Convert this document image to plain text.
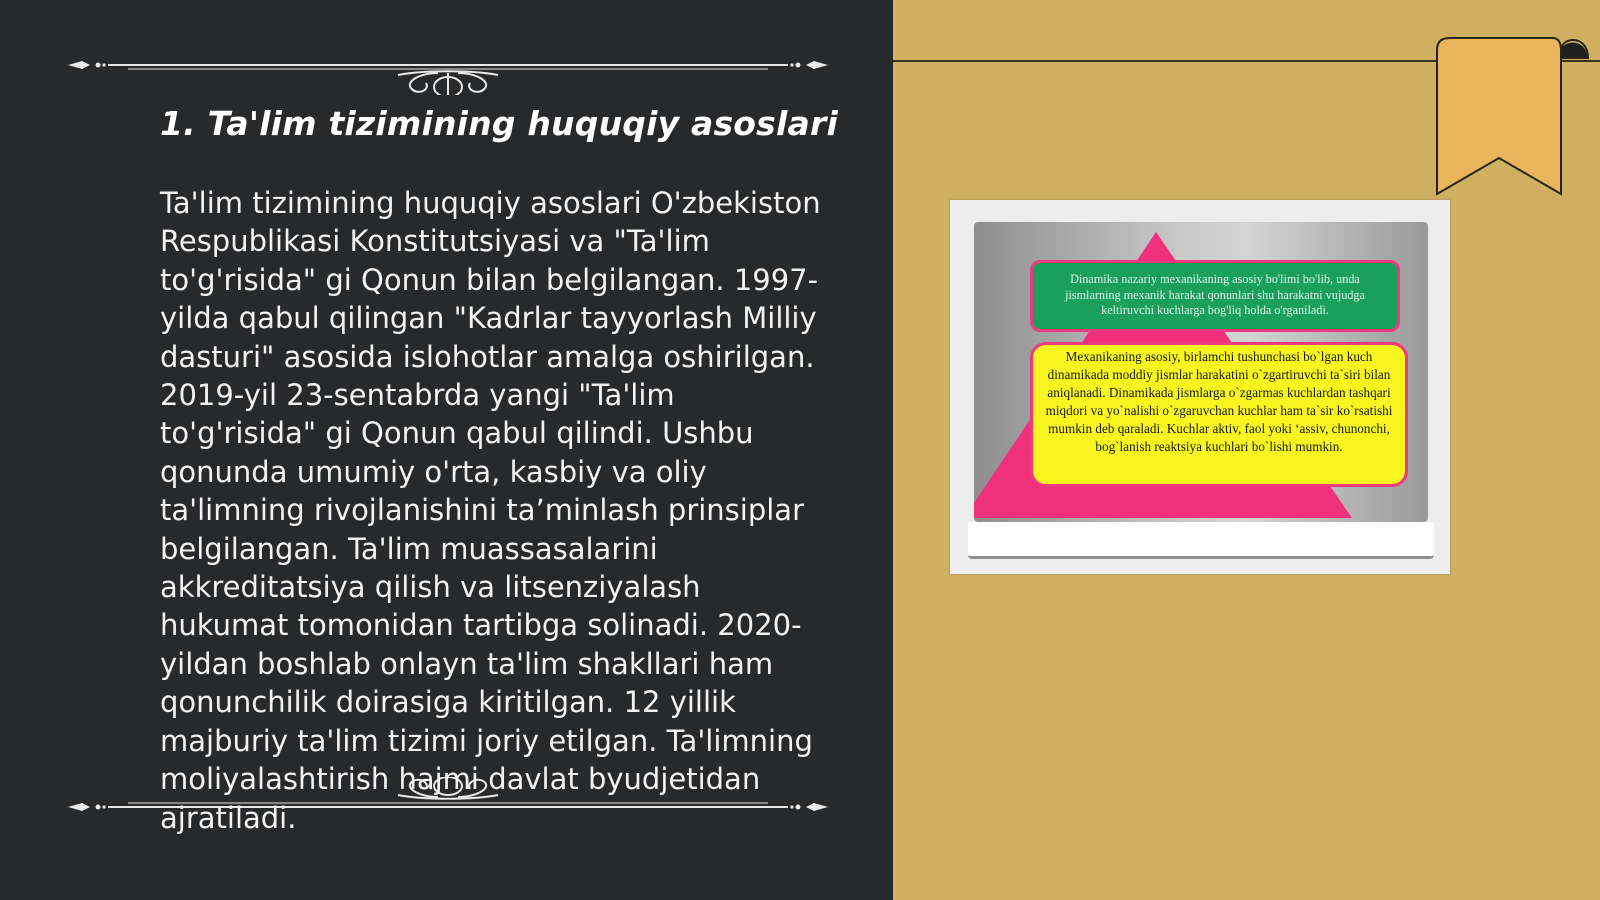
1. Ta'lim tizimining huquqiy asoslari

Ta'lim tizimining huquqiy asoslari O'zbekiston Respublikasi Konstitutsiyasi va "Ta'lim to'g'risida" gi Qonun bilan belgilangan. 1997-yilda qabul qilingan "Kadrlar tayyorlash Milliy dasturi" asosida islohotlar amalga oshirilgan. 2019-yil 23-sentabrda yangi "Ta'lim to'g'risida" gi Qonun qabul qilindi. Ushbu qonunda umumiy o'rta, kasbiy va oliy ta'limning rivojlanishini taʼminlash prinsiplar belgilangan. Ta'lim muassasalarini akkreditatsiya qilish va litsenziyalash hukumat tomonidan tartibga solinadi. 2020-yildan boshlab onlayn ta'lim shakllari ham qonunchilik doirasiga kiritilgan. 12 yillik majburiy ta'lim tizimi joriy etilgan. Ta'limning moliyalashtirish hajmi davlat byudjetidan ajratiladi.

Dinamika nazariy mexanikaning asosiy bo'limi bo'lib, unda jismlarning mexanik harakat qonunlari shu harakatni vujudga keltiruvchi kuchlarga bog'liq holda o'rganiladi.
Mexanikaning asosiy, birlamchi tushunchasi bo`lgan kuch dinamikada moddiy jismlar harakatini o`zgartiruvchi ta`siri bilan aniqlanadi. Dinamikada jismlarga o`zgarmas kuchlardan tashqari miqdori va yo`nalishi o`zgaruvchan kuchlar ham ta`sir ko`rsatishi mumkin deb qaraladi. Kuchlar aktiv, faol yoki ʻassiv, chunonchi, bog`lanish reaktsiya kuchlari bo`lishi mumkin.
